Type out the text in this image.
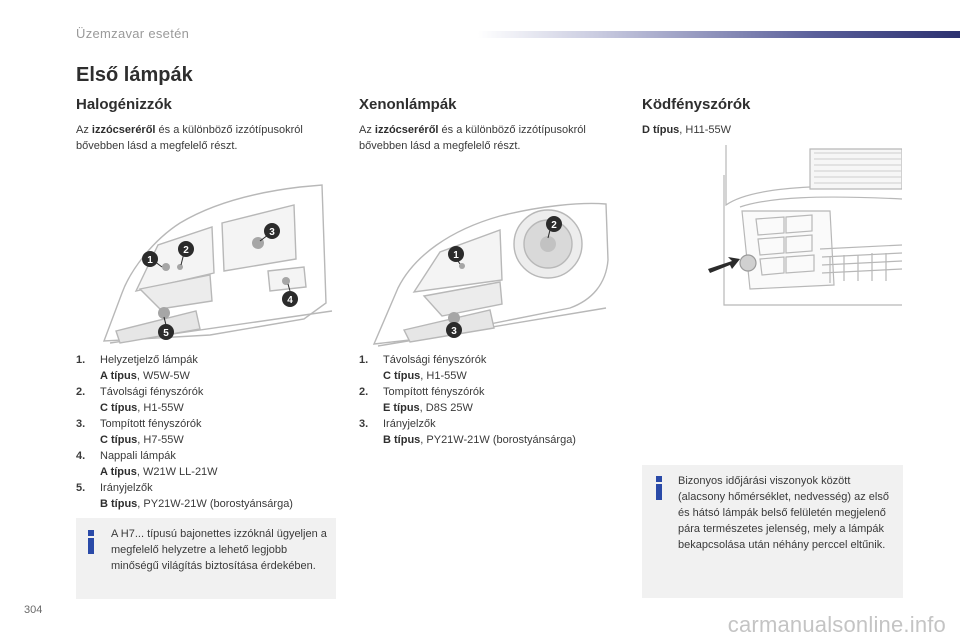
Üzemzavar esetén
Első lámpák
Halogénizzók
Az izzócseréről és a különböző izzótípusokról bővebben lásd a megfelelő részt.
1
2
3
4
5
1.	Helyzetjelző lámpák
A típus, W5W-5W
2.	Távolsági fényszórók
C típus, H1-55W
3.	Tompított fényszórók
C típus, H7-55W
4.	Nappali lámpák
A típus, W21W LL-21W
5.	Irányjelzők
B típus, PY21W-21W (borostyánsárga)
A H7... típusú bajonettes izzóknál ügyeljen a megfelelő helyzetre a lehető legjobb minőségű világítás biztosítása érdekében.
Xenonlámpák
Az izzócseréről és a különböző izzótípusokról bővebben lásd a megfelelő részt.
1
2
3
1.	Távolsági fényszórók
C típus, H1-55W
2.	Tompított fényszórók
E típus, D8S 25W
3.	Irányjelzők
B típus, PY21W-21W (borostyánsárga)
Ködfényszórók
D típus, H11-55W
Bizonyos időjárási viszonyok között (alacsony hőmérséklet, nedvesség) az első és hátsó lámpák belső felületén megjelenő pára természetes jelenség, mely a lámpák bekapcsolása után néhány perccel eltűnik.
304
carmanualsonline.info
